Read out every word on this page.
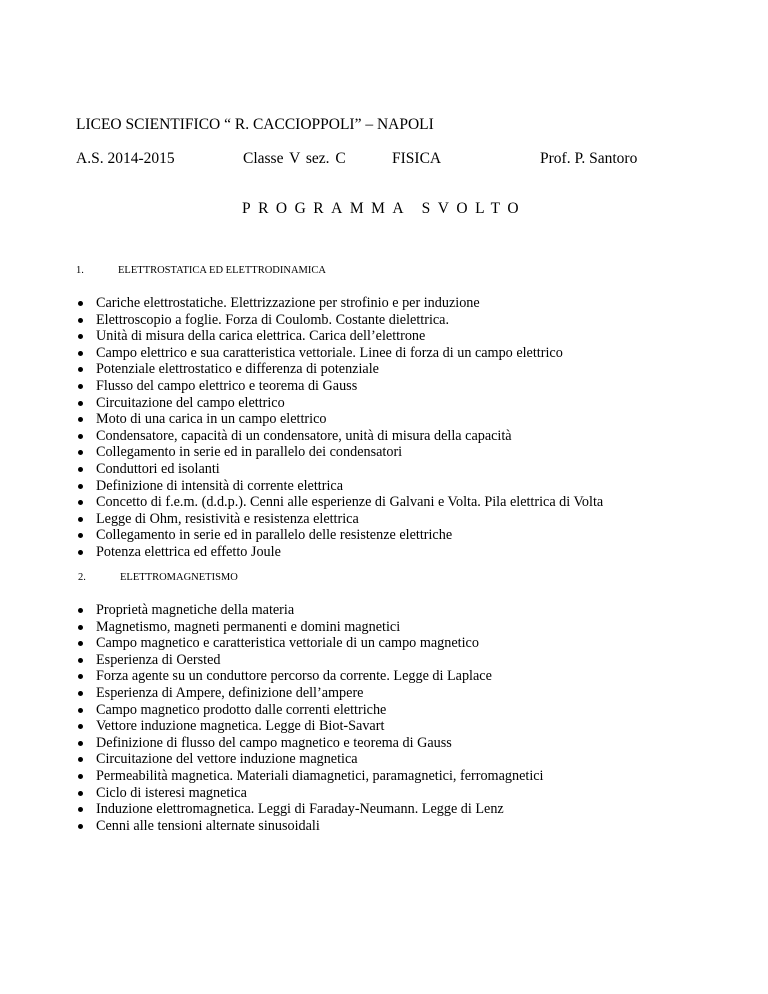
LICEO SCIENTIFICO “ R. CACCIOPPOLI” – NAPOLI
A.S. 2014-2015	Classe V sez. C	FISICA	Prof. P. Santoro
PROGRAMMA SVOLTO
1.	ELETTROSTATICA ED ELETTRODINAMICA
Cariche elettrostatiche. Elettrizzazione per strofinio e per induzione
Elettroscopio a foglie. Forza di Coulomb. Costante dielettrica.
Unità di misura della carica elettrica. Carica dell’elettrone
Campo elettrico e sua caratteristica vettoriale. Linee di forza di un campo elettrico
Potenziale elettrostatico e differenza di potenziale
Flusso del campo elettrico e teorema di Gauss
Circuitazione del campo elettrico
Moto di una carica in un campo elettrico
Condensatore, capacità di un condensatore, unità di misura della capacità
Collegamento in serie ed in parallelo dei condensatori
Conduttori ed isolanti
Definizione di intensità di corrente elettrica
Concetto di f.e.m. (d.d.p.). Cenni alle esperienze di Galvani e Volta. Pila elettrica di Volta
Legge di Ohm, resistività e resistenza elettrica
Collegamento in serie ed in parallelo delle resistenze elettriche
Potenza elettrica ed effetto Joule
2.	ELETTROMAGNETISMO
Proprietà magnetiche della materia
Magnetismo, magneti permanenti e domini magnetici
Campo magnetico e caratteristica vettoriale di un campo magnetico
Esperienza di Oersted
Forza agente su un conduttore percorso da corrente. Legge di Laplace
Esperienza di Ampere, definizione dell’ampere
Campo magnetico prodotto dalle correnti elettriche
Vettore induzione magnetica. Legge di Biot-Savart
Definizione di flusso del campo magnetico e teorema di Gauss
Circuitazione del vettore induzione magnetica
Permeabilità magnetica. Materiali diamagnetici, paramagnetici, ferromagnetici
Ciclo di isteresi magnetica
Induzione elettromagnetica. Leggi di Faraday-Neumann. Legge di Lenz
Cenni alle tensioni alternate sinusoidali
